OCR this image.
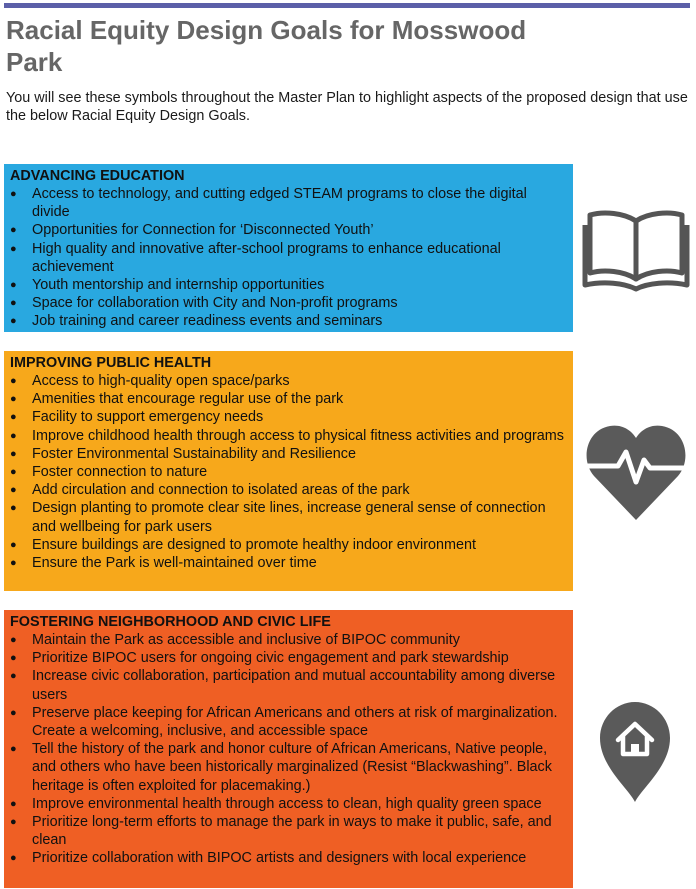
Racial Equity Design Goals for Mosswood Park

You will see these symbols throughout the Master Plan to highlight aspects of the proposed design that use the below Racial Equity Design Goals.

ADVANCING EDUCATION
● Access to technology, and cutting edged STEAM programs to close the digital divide
● Opportunities for Connection for ‘Disconnected Youth’
● High quality and innovative after-school programs to enhance educational achievement
● Youth mentorship and internship opportunities
● Space for collaboration with City and Non-profit programs
● Job training and career readiness events and seminars
IMPROVING PUBLIC HEALTH
● Access to high-quality open space/parks
● Amenities that encourage regular use of the park
● Facility to support emergency needs
● Improve childhood health through access to physical fitness activities and programs
● Foster Environmental Sustainability and Resilience
● Foster connection to nature
● Add circulation and connection to isolated areas of the park
● Design planting to promote clear site lines, increase general sense of connection and wellbeing for park users
● Ensure buildings are designed to promote healthy indoor environment
● Ensure the Park is well-maintained over time
FOSTERING NEIGHBORHOOD AND CIVIC LIFE
● Maintain the Park as accessible and inclusive of BIPOC community
● Prioritize BIPOC users for ongoing civic engagement and park stewardship
● Increase civic collaboration, participation and mutual accountability among diverse users
● Preserve place keeping for African Americans and others at risk of marginalization. Create a welcoming, inclusive, and accessible space
● Tell the history of the park and honor culture of African Americans, Native people, and others who have been historically marginalized (Resist “Blackwashing”. Black heritage is often exploited for placemaking.)
● Improve environmental health through access to clean, high quality green space
● Prioritize long-term efforts to manage the park in ways to make it public, safe, and clean
● Prioritize collaboration with BIPOC artists and designers with local experience
